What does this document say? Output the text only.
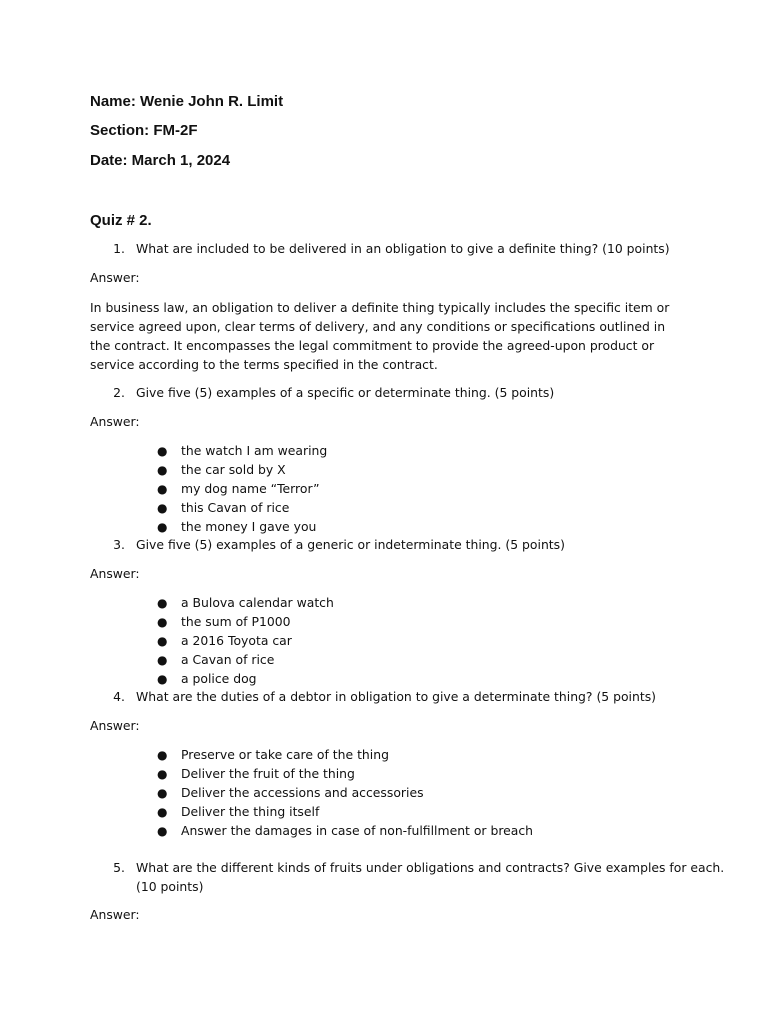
Name: Wenie John R. Limit

Section: FM-2F

Date: March 1, 2024

Quiz # 2.

1. What are included to be delivered in an obligation to give a definite thing? (10 points)

Answer:

In business law, an obligation to deliver a definite thing typically includes the specific item or service agreed upon, clear terms of delivery, and any conditions or specifications outlined in the contract. It encompasses the legal commitment to provide the agreed-upon product or service according to the terms specified in the contract.

2. Give five (5) examples of a specific or determinate thing. (5 points)

Answer:

● the watch I am wearing
● the car sold by X
● my dog name “Terror”
● this Cavan of rice
● the money I gave you
3. Give five (5) examples of a generic or indeterminate thing. (5 points)

Answer:

● a Bulova calendar watch
● the sum of P1000
● a 2016 Toyota car
● a Cavan of rice
● a police dog
4. What are the duties of a debtor in obligation to give a determinate thing? (5 points)

Answer:

● Preserve or take care of the thing
● Deliver the fruit of the thing
● Deliver the accessions and accessories
● Deliver the thing itself
● Answer the damages in case of non-fulfillment or breach
5. What are the different kinds of fruits under obligations and contracts? Give examples for each.

(10 points)

Answer:
